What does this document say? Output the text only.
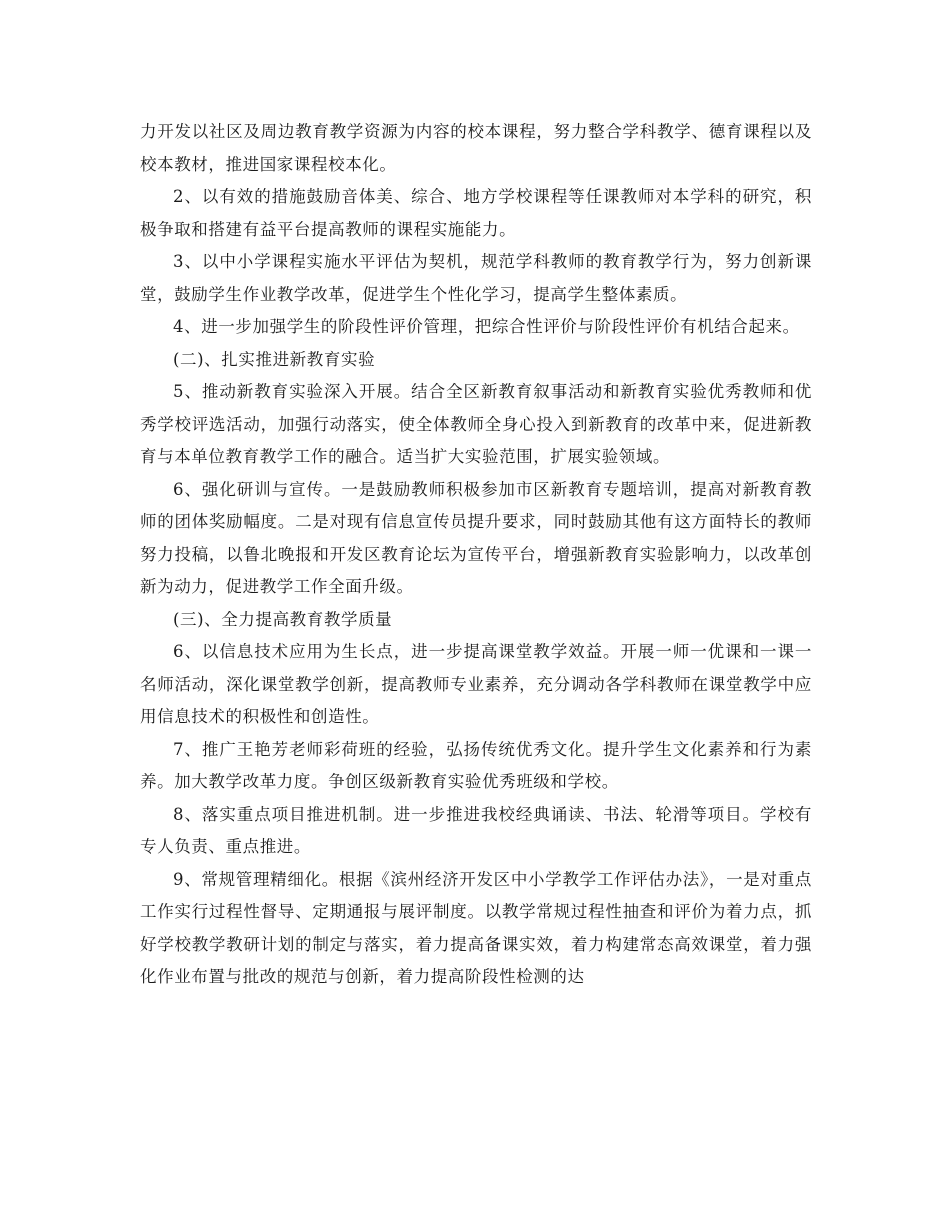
力开发以社区及周边教育教学资源为内容的校本课程，努力整合学科教学、德育课程以及校本教材，推进国家课程校本化。

2、以有效的措施鼓励音体美、综合、地方学校课程等任课教师对本学科的研究，积极争取和搭建有益平台提高教师的课程实施能力。

3、以中小学课程实施水平评估为契机，规范学科教师的教育教学行为，努力创新课堂，鼓励学生作业教学改革，促进学生个性化学习，提高学生整体素质。

4、进一步加强学生的阶段性评价管理，把综合性评价与阶段性评价有机结合起来。

(二)、扎实推进新教育实验

5、推动新教育实验深入开展。结合全区新教育叙事活动和新教育实验优秀教师和优秀学校评选活动，加强行动落实，使全体教师全身心投入到新教育的改革中来，促进新教育与本单位教育教学工作的融合。适当扩大实验范围，扩展实验领域。

6、强化研训与宣传。一是鼓励教师积极参加市区新教育专题培训，提高对新教育教师的团体奖励幅度。二是对现有信息宣传员提升要求，同时鼓励其他有这方面特长的教师努力投稿，以鲁北晚报和开发区教育论坛为宣传平台，增强新教育实验影响力，以改革创新为动力，促进教学工作全面升级。

(三)、全力提高教育教学质量

6、以信息技术应用为生长点，进一步提高课堂教学效益。开展一师一优课和一课一名师活动，深化课堂教学创新，提高教师专业素养，充分调动各学科教师在课堂教学中应用信息技术的积极性和创造性。

7、推广王艳芳老师彩荷班的经验，弘扬传统优秀文化。提升学生文化素养和行为素养。加大教学改革力度。争创区级新教育实验优秀班级和学校。

8、落实重点项目推进机制。进一步推进我校经典诵读、书法、轮滑等项目。学校有专人负责、重点推进。

9、常规管理精细化。根据《滨州经济开发区中小学教学工作评估办法》，一是对重点工作实行过程性督导、定期通报与展评制度。以教学常规过程性抽查和评价为着力点，抓好学校教学教研计划的制定与落实，着力提高备课实效，着力构建常态高效课堂，着力强化作业布置与批改的规范与创新，着力提高阶段性检测的达
